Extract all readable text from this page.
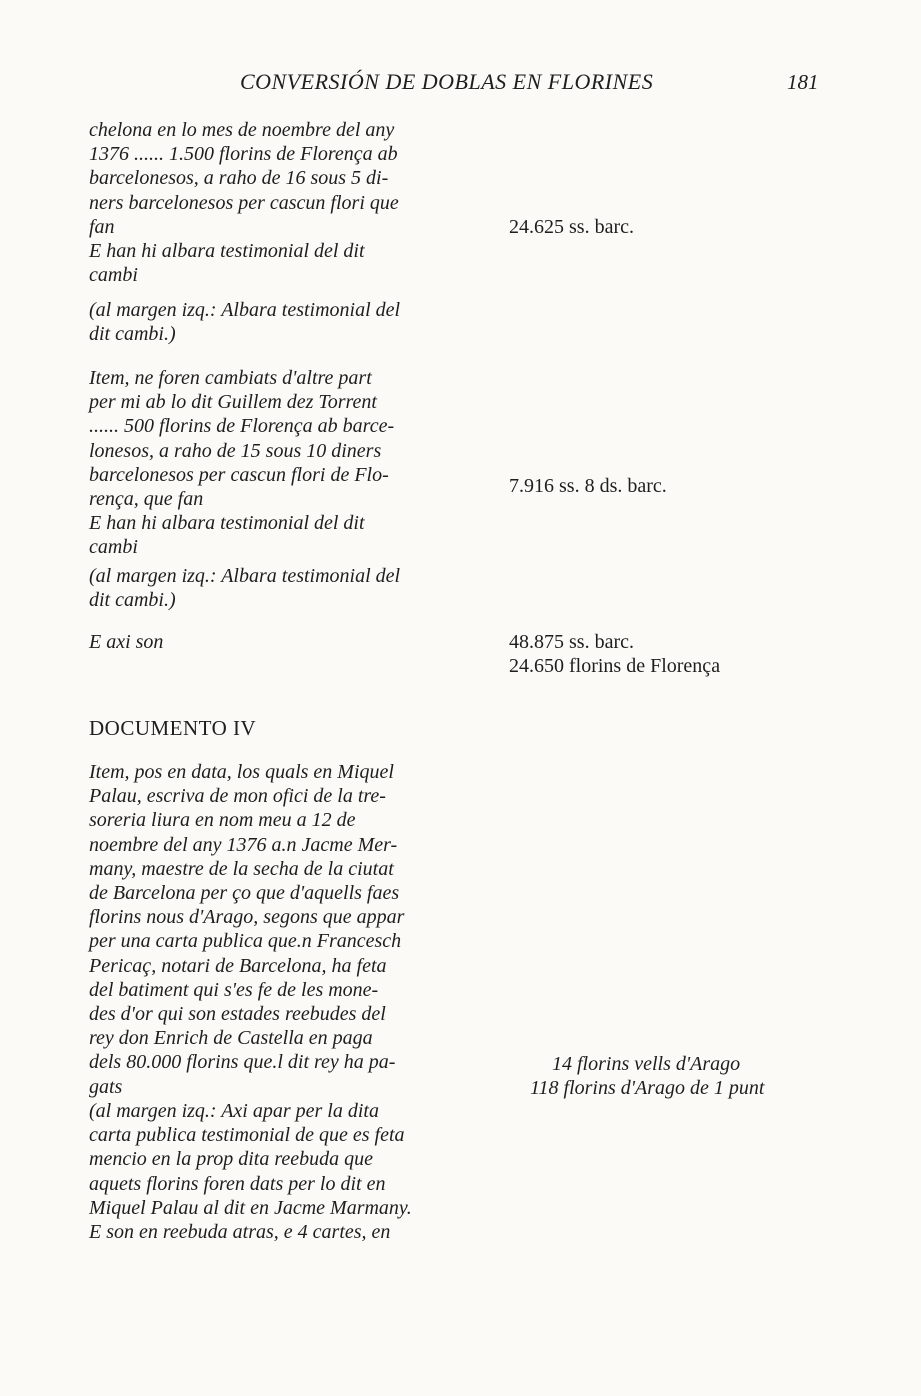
CONVERSIÓN DE DOBLAS EN FLORINES	181
chelona en lo mes de noembre del any
1376 ...... 1.500 florins de Florença ab
barcelonesos, a raho de 16 sous 5 di-
ners barcelonesos per cascun flori que
fan
E han hi albara testimonial del dit
cambi
24.625 ss. barc.
(al margen izq.: Albara testimonial del
dit cambi.)
Item, ne foren cambiats d'altre part
per mi ab lo dit Guillem dez Torrent
...... 500 florins de Florença ab barce-
lonesos, a raho de 15 sous 10 diners
barcelonesos per cascun flori de Flo-
rença, que fan
E han hi albara testimonial del dit
cambi
7.916 ss. 8 ds. barc.
(al margen izq.: Albara testimonial del
dit cambi.)
E axi son	48.875 ss. barc.
24.650 florins de Florença
DOCUMENTO IV
Item, pos en data, los quals en Miquel
Palau, escriva de mon ofici de la tre-
soreria liura en nom meu a 12 de
noembre del any 1376 a.n Jacme Mer-
many, maestre de la secha de la ciutat
de Barcelona per ço que d'aquells faes
florins nous d'Arago, segons que appar
per una carta publica que.n Francesch
Pericaç, notari de Barcelona, ha feta
del batiment qui s'es fe de les mone-
des d'or qui son estades reebudes del
rey don Enrich de Castella en paga
dels 80.000 florins que.l dit rey ha pa-
gats
14 florins vells d'Arago
118 florins d'Arago de 1 punt
(al margen izq.: Axi apar per la dita
carta publica testimonial de que es feta
mencio en la prop dita reebuda que
aquets florins foren dats per lo dit en
Miquel Palau al dit en Jacme Marmany.
E son en reebuda atras, e 4 cartes, en
